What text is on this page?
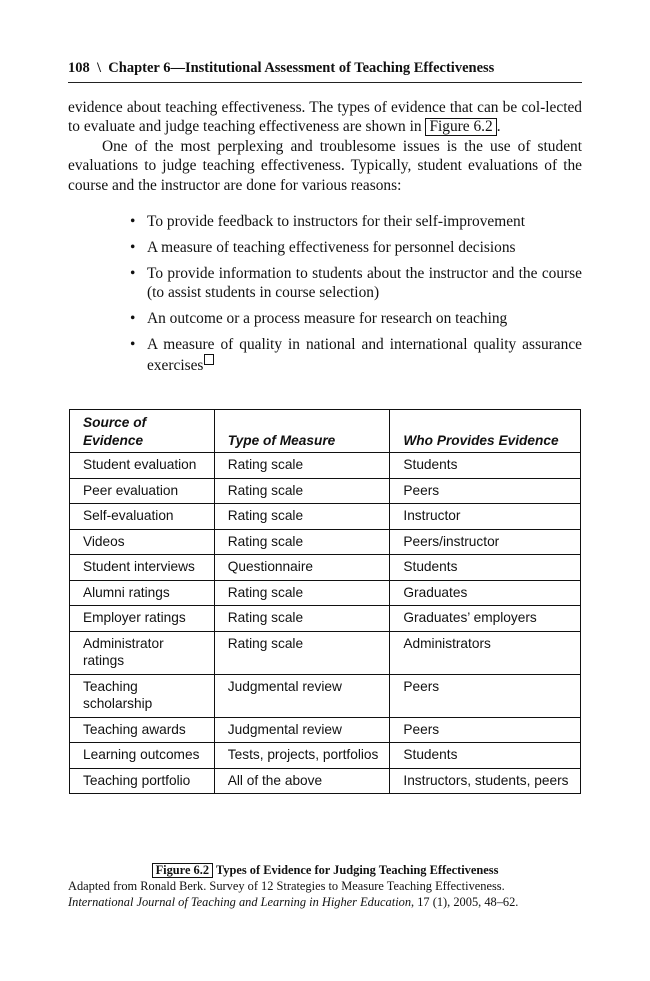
108 \ Chapter 6—Institutional Assessment of Teaching Effectiveness

evidence about teaching effectiveness. The types of evidence that can be col-lected to evaluate and judge teaching effectiveness are shown in Figure 6.2 .

One of the most perplexing and troublesome issues is the use of student evaluations to judge teaching effectiveness. Typically, student evaluations of the course and the instructor are done for various reasons:

• To provide feedback to instructors for their self-improvement
• A measure of teaching effectiveness for personnel decisions
• To provide information to students about the instructor and the course (to assist students in course selection)
• An outcome or a process measure for research on teaching
• A measure of quality in national and international quality assurance exercises
Source of Evidence	Type of Measure	Who Provides Evidence
Student evaluation	Rating scale	Students
Peer evaluation	Rating scale	Peers
Self-evaluation	Rating scale	Instructor
Videos	Rating scale	Peers/instructor
Student interviews	Questionnaire	Students
Alumni ratings	Rating scale	Graduates
Employer ratings	Rating scale	Graduates’ employers
Administrator ratings	Rating scale	Administrators
Teaching scholarship	Judgmental review	Peers
Teaching awards	Judgmental review	Peers
Learning outcomes	Tests, projects, portfolios	Students
Teaching portfolio	All of the above	Instructors, students, peers
Figure 6.2 Types of Evidence for Judging Teaching Effectiveness
Adapted from Ronald Berk. Survey of 12 Strategies to Measure Teaching Effectiveness.
International Journal of Teaching and Learning in Higher Education, 17 (1), 2005, 48–62.
